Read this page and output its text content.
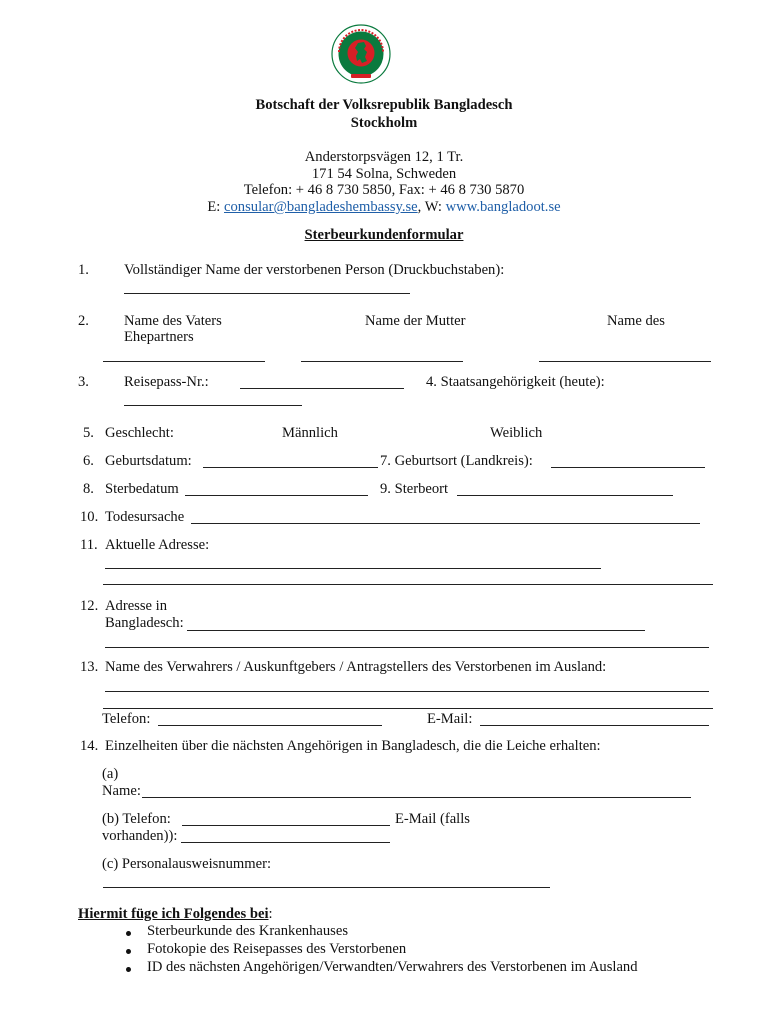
Botschaft der Volksrepublik Bangladesch
Stockholm
Anderstorpsvägen 12, 1 Tr.
171 54 Solna, Schweden
Telefon: + 46 8 730 5850, Fax: + 46 8 730 5870
E: consular@bangladeshembassy.se, W: www.bangladoot.se
Sterbeurkundenformular
1. Vollständiger Name der verstorbenen Person (Druckbuchstaben):
2. Name des Vaters	Name der Mutter	Name des
Ehepartners
3. Reisepass-Nr.:	4. Staatsangehörigkeit (heute):
5. Geschlecht:	Männlich	Weiblich
6. Geburtsdatum:	7. Geburtsort (Landkreis):
8. Sterbedatum	9. Sterbeort
10. Todesursache
11. Aktuelle Adresse:
12. Adresse in
Bangladesch:
13. Name des Verwahrers / Auskunftgebers / Antragstellers des Verstorbenen im Ausland:
Telefon:	E-Mail:
14. Einzelheiten über die nächsten Angehörigen in Bangladesch, die die Leiche erhalten:
(a)
Name:
(b) Telefon:	E-Mail (falls
vorhanden)):
(c) Personalausweisnummer:
Hiermit füge ich Folgendes bei:
Sterbeurkunde des Krankenhauses
Fotokopie des Reisepasses des Verstorbenen
ID des nächsten Angehörigen/Verwandten/Verwahrers des Verstorbenen im Ausland
